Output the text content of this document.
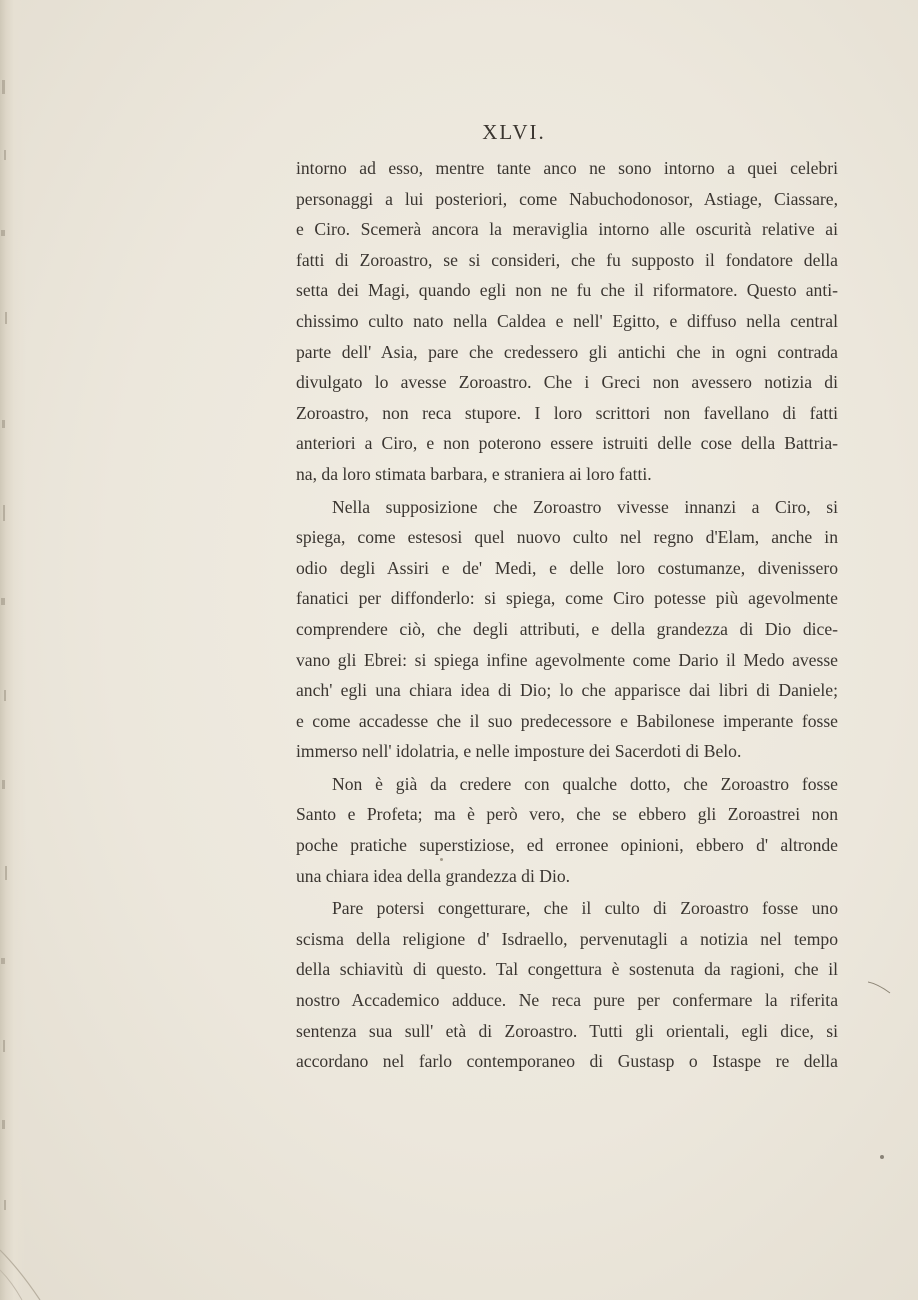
XLVI.
intorno ad esso, mentre tante anco ne sono intorno a quei celebri
personaggi a lui posteriori, come Nabuchodonosor, Astiage, Ciassare,
e Ciro. Scemerà ancora la meraviglia intorno alle oscurità relative ai
fatti di Zoroastro, se si consideri, che fu supposto il fondatore della
setta dei Magi, quando egli non ne fu che il riformatore. Questo anti-
chissimo culto nato nella Caldea e nell' Egitto, e diffuso nella central
parte dell' Asia, pare che credessero gli antichi che in ogni contrada
divulgato lo avesse Zoroastro. Che i Greci non avessero notizia di
Zoroastro, non reca stupore. I loro scrittori non favellano di fatti
anteriori a Ciro, e non poterono essere istruiti delle cose della Battria-
na, da loro stimata barbara, e straniera ai loro fatti.
Nella supposizione che Zoroastro vivesse innanzi a Ciro, si
spiega, come estesosi quel nuovo culto nel regno d'Elam, anche in
odio degli Assiri e de' Medi, e delle loro costumanze, divenissero
fanatici per diffonderlo: si spiega, come Ciro potesse più agevolmente
comprendere ciò, che degli attributi, e della grandezza di Dio dice-
vano gli Ebrei: si spiega infine agevolmente come Dario il Medo avesse
anch' egli una chiara idea di Dio; lo che apparisce dai libri di Daniele;
e come accadesse che il suo predecessore e Babilonese imperante fosse
immerso nell' idolatria, e nelle imposture dei Sacerdoti di Belo.
Non è già da credere con qualche dotto, che Zoroastro fosse
Santo e Profeta; ma è però vero, che se ebbero gli Zoroastrei non
poche pratiche superstiziose, ed erronee opinioni, ebbero d' altronde
una chiara idea della grandezza di Dio.
Pare potersi congetturare, che il culto di Zoroastro fosse uno
scisma della religione d' Isdraello, pervenutagli a notizia nel tempo
della schiavitù di questo. Tal congettura è sostenuta da ragioni, che il
nostro Accademico adduce. Ne reca pure per confermare la riferita
sentenza sua sull' età di Zoroastro. Tutti gli orientali, egli dice, si
accordano nel farlo contemporaneo di Gustasp o Istaspe re della
